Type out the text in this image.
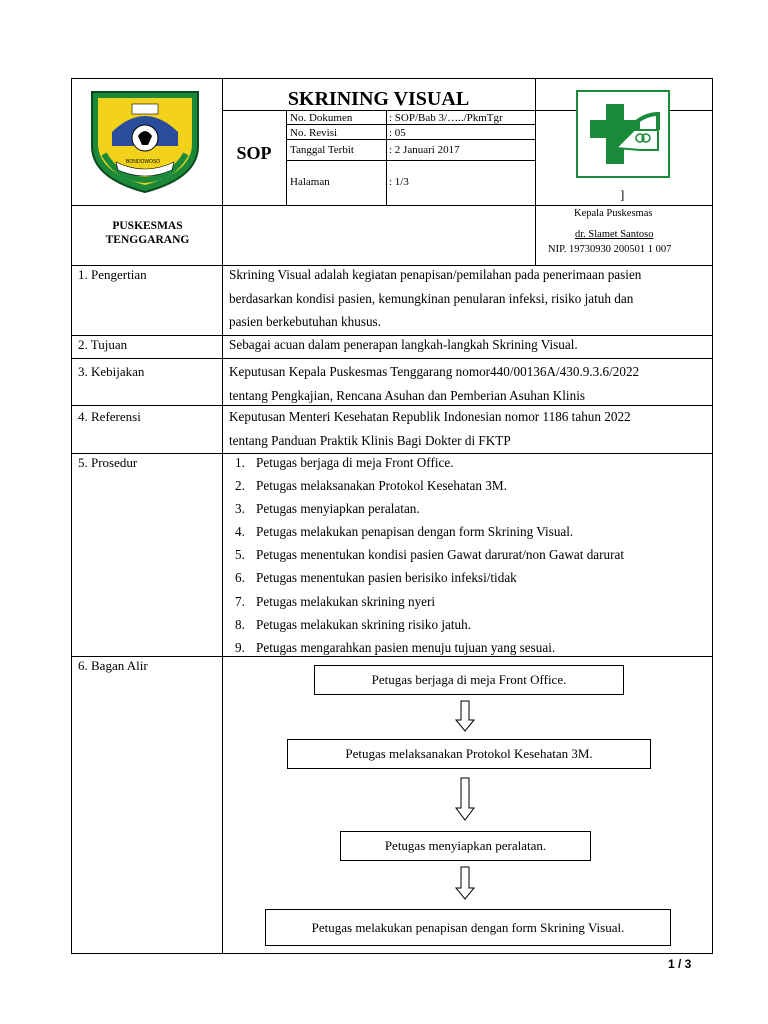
BONDOWOSO
SKRINING VISUAL
SOP
No. Dokumen	: SOP/Bab 3/…../PkmTgr
No. Revisi	: 05
Tanggal Terbit	: 2 Januari 2017
Halaman	: 1/3
]
PUSKESMAS TENGGARANG
Kepala Puskesmas
dr. Slamet Santoso
NIP. 19730930 200501 1 007
1. Pengertian	Skrining Visual adalah kegiatan penapisan/pemilahan pada penerimaan pasien
berdasarkan kondisi pasien, kemungkinan penularan infeksi, risiko jatuh dan
pasien berkebutuhan khusus.
2. Tujuan	Sebagai acuan dalam penerapan langkah-langkah Skrining Visual.
3. Kebijakan	Keputusan Kepala Puskesmas Tenggarang nomor440/00136A/430.9.3.6/2022
tentang Pengkajian, Rencana Asuhan dan Pemberian Asuhan Klinis
4. Referensi	Keputusan Menteri Kesehatan Republik Indonesian nomor 1186 tahun 2022
tentang Panduan Praktik Klinis Bagi Dokter di FKTP
5. Prosedur	1. Petugas berjaga di meja Front Office.
2. Petugas melaksanakan Protokol Kesehatan 3M.
3. Petugas menyiapkan peralatan.
4. Petugas melakukan penapisan dengan form Skrining Visual.
5. Petugas menentukan kondisi pasien Gawat darurat/non Gawat darurat
6. Petugas menentukan pasien berisiko infeksi/tidak
7. Petugas melakukan skrining nyeri
8. Petugas melakukan skrining risiko jatuh.
9. Petugas mengarahkan pasien menuju tujuan yang sesuai.
6. Bagan Alir
Petugas berjaga di meja Front Office.
Petugas melaksanakan Protokol Kesehatan 3M.
Petugas menyiapkan peralatan.
Petugas melakukan penapisan dengan form Skrining Visual.
1 / 3
